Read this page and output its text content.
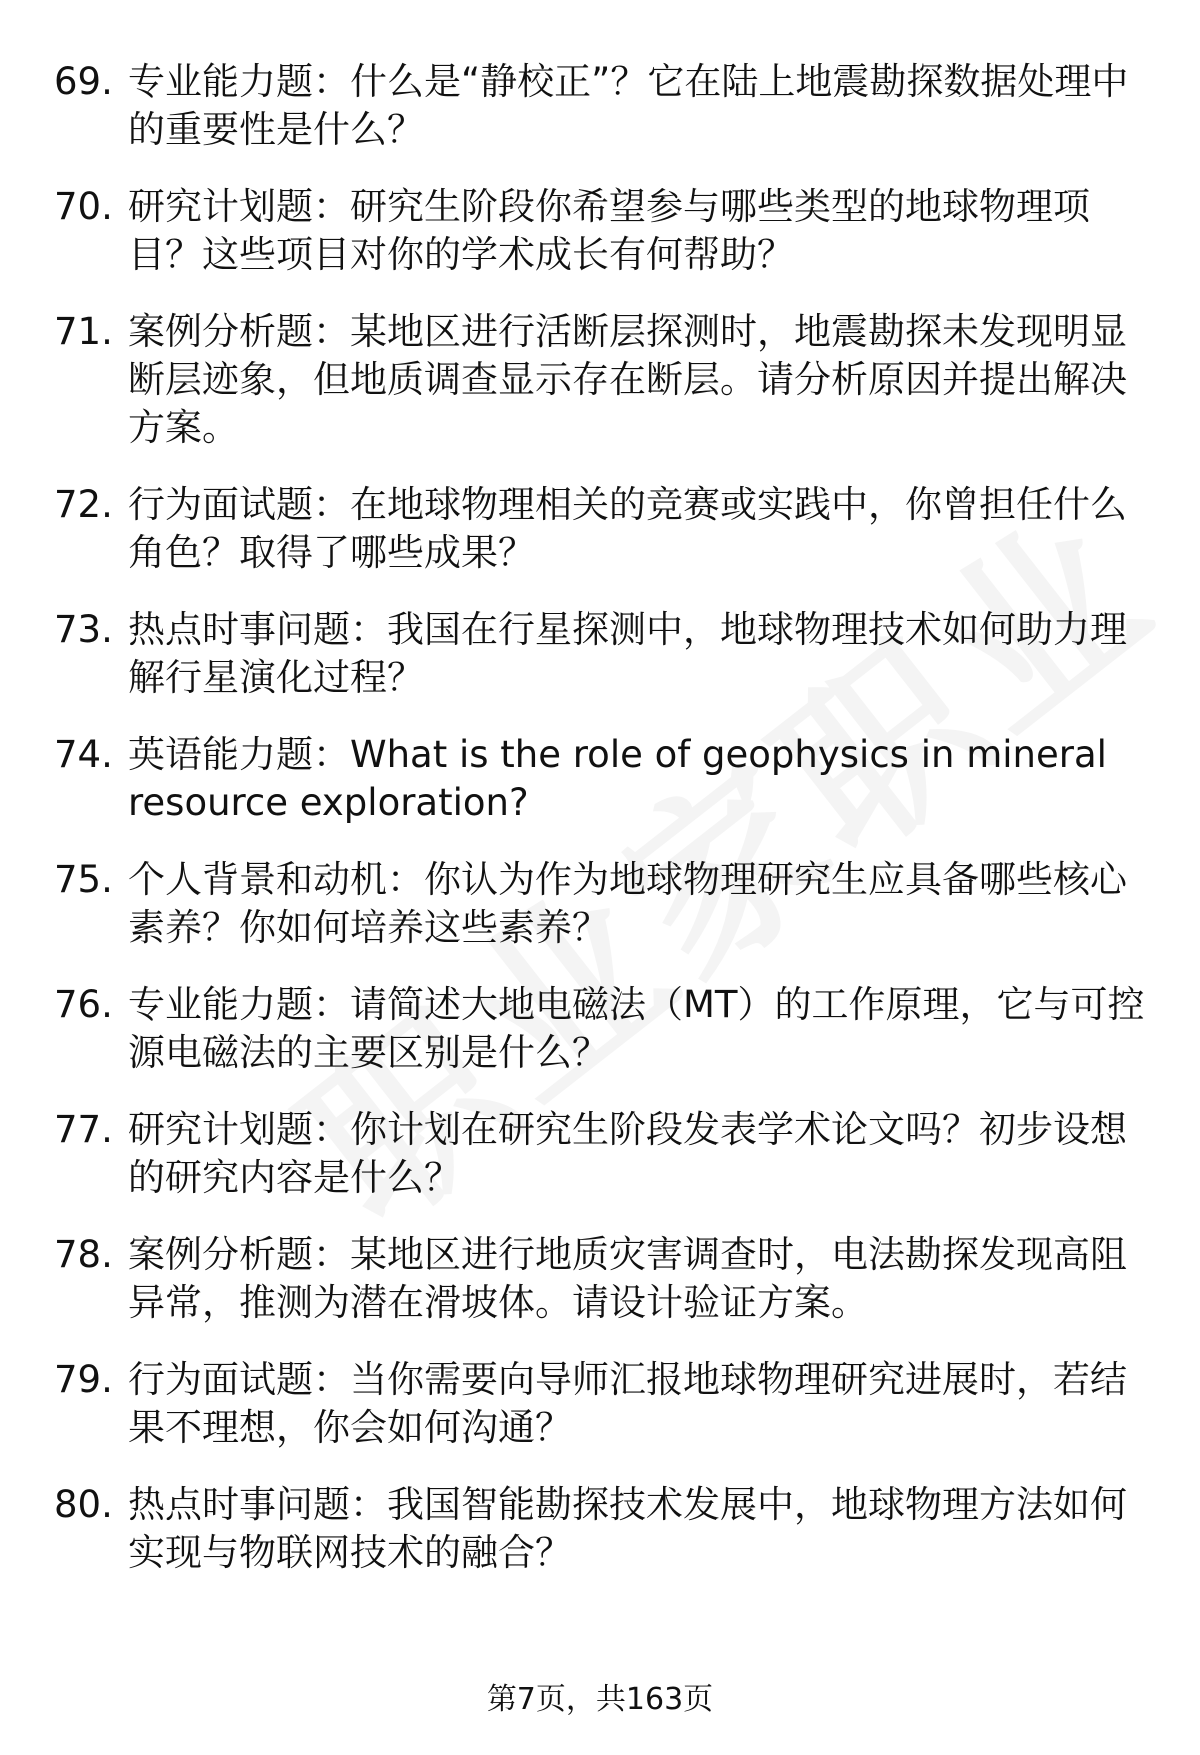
69. 专业能力题：什么是“静校正”？它在陆上地震勘探数据处理中的重要性是什么？
70. 研究计划题：研究生阶段你希望参与哪些类型的地球物理项目？这些项目对你的学术成长有何帮助？
71. 案例分析题：某地区进行活断层探测时，地震勘探未发现明显断层迹象，但地质调查显示存在断层。请分析原因并提出解决方案。
72. 行为面试题：在地球物理相关的竞赛或实践中，你曾担任什么角色？取得了哪些成果？
73. 热点时事问题：我国在行星探测中，地球物理技术如何助力理解行星演化过程？
74. 英语能力题：What is the role of geophysics in mineral resource exploration?
75. 个人背景和动机：你认为作为地球物理研究生应具备哪些核心素养？你如何培养这些素养？
76. 专业能力题：请简述大地电磁法（MT）的工作原理，它与可控源电磁法的主要区别是什么？
77. 研究计划题：你计划在研究生阶段发表学术论文吗？初步设想的研究内容是什么？
78. 案例分析题：某地区进行地质灾害调查时，电法勘探发现高阻异常，推测为潜在滑坡体。请设计验证方案。
79. 行为面试题：当你需要向导师汇报地球物理研究进展时，若结果不理想，你会如何沟通？
80. 热点时事问题：我国智能勘探技术发展中，地球物理方法如何实现与物联网技术的融合？
第7页，共163页
